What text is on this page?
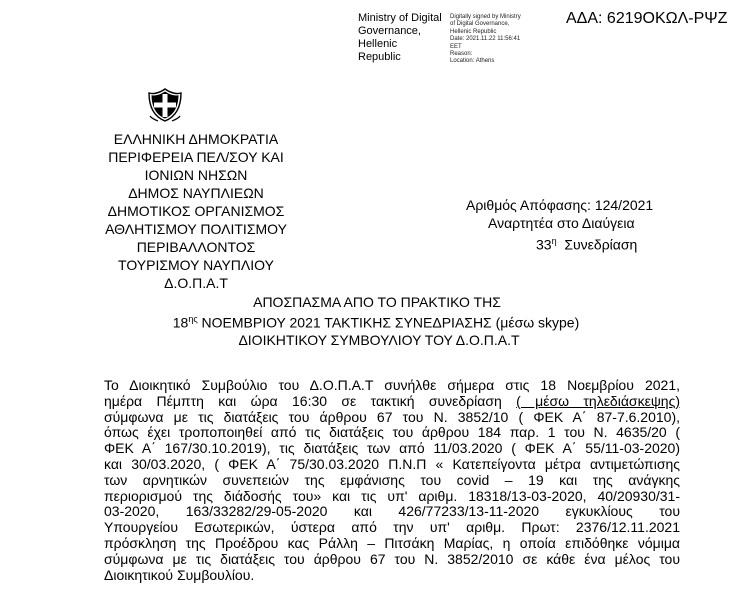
Ministry of Digital
Governance,
Hellenic Republic
Digitally signed by Ministry
of Digital Governance,
Hellenic Republic
Date: 2021.11.22 11:56:41
EET
Reason:
Location: Athens
ΑΔΑ: 6219ΟΚΩΛ-ΡΨΖ
ΕΛΛΗΝΙΚΗ ΔΗΜΟΚΡΑΤΙΑ
ΠΕΡΙΦΕΡΕΙΑ ΠΕΛ/ΣΟΥ ΚΑΙ
ΙΟΝΙΩΝ ΝΗΣΩΝ
ΔΗΜΟΣ ΝΑΥΠΛΙΕΩΝ
ΔΗΜΟΤΙΚΟΣ ΟΡΓΑΝΙΣΜΟΣ
ΑΘΛΗΤΙΣΜΟΥ ΠΟΛΙΤΙΣΜΟΥ
ΠΕΡΙΒΑΛΛΟΝΤΟΣ
ΤΟΥΡΙΣΜΟΥ ΝΑΥΠΛΙΟΥ
Δ.Ο.Π.Α.Τ
Αριθμός Απόφασης: 124/2021
Αναρτητέα στο Διαύγεια
$33^\eta$ Συνεδρίαση
ΑΠΟΣΠΑΣΜΑ ΑΠΟ ΤΟ ΠΡΑΚΤΙΚΟ ΤΗΣ
$18^{\eta\varsigma}$ ΝΟΕΜΒΡΙΟΥ 2021 ΤΑΚΤΙΚΗΣ ΣΥΝΕΔΡΙΑΣΗΣ (μέσω skype)
ΔΙΟΙΚΗΤΙΚΟΥ ΣΥΜΒΟΥΛΙΟΥ ΤΟΥ Δ.Ο.Π.Α.Τ
Το Διοικητικό Συμβούλιο του Δ.Ο.Π.Α.Τ συνήλθε σήμερα στις 18 Νοεμβρίου 2021,
ημέρα Πέμπτη και ώρα 16:30 σε τακτική συνεδρίαση ( μέσω τηλεδιάσκεψης)
σύμφωνα με τις διατάξεις του άρθρου 67 του Ν. 3852/10 ( ΦΕΚ Α΄ 87-7.6.2010),
όπως έχει τροποποιηθεί από τις διατάξεις του άρθρου 184 παρ. 1 του Ν. 4635/20 (
ΦΕΚ Α΄ 167/30.10.2019), τις διατάξεις των από 11/03.2020 ( ΦΕΚ Α΄ 55/11-03-2020)
και 30/03.2020, ( ΦΕΚ Α΄ 75/30.03.2020 Π.Ν.Π « Κατεπείγοντα μέτρα αντιμετώπισης
των αρνητικών συνεπειών της εμφάνισης του covid – 19 και της ανάγκης
περιορισμού της διάδοσής του» και τις υπ' αριθμ. 18318/13-03-2020, 40/20930/31-
03-2020, 163/33282/29-05-2020 και 426/77233/13-11-2020 εγκυκλίους του
Υπουργείου Εσωτερικών, ύστερα από την υπ' αριθμ. Πρωτ: 2376/12.11.2021
πρόσκληση της Προέδρου κας Ράλλη – Πιτσάκη Μαρίας, η οποία επιδόθηκε νόμιμα
σύμφωνα με τις διατάξεις του άρθρου 67 του Ν. 3852/2010 σε κάθε ένα μέλος του
Διοικητικού Συμβουλίου.
